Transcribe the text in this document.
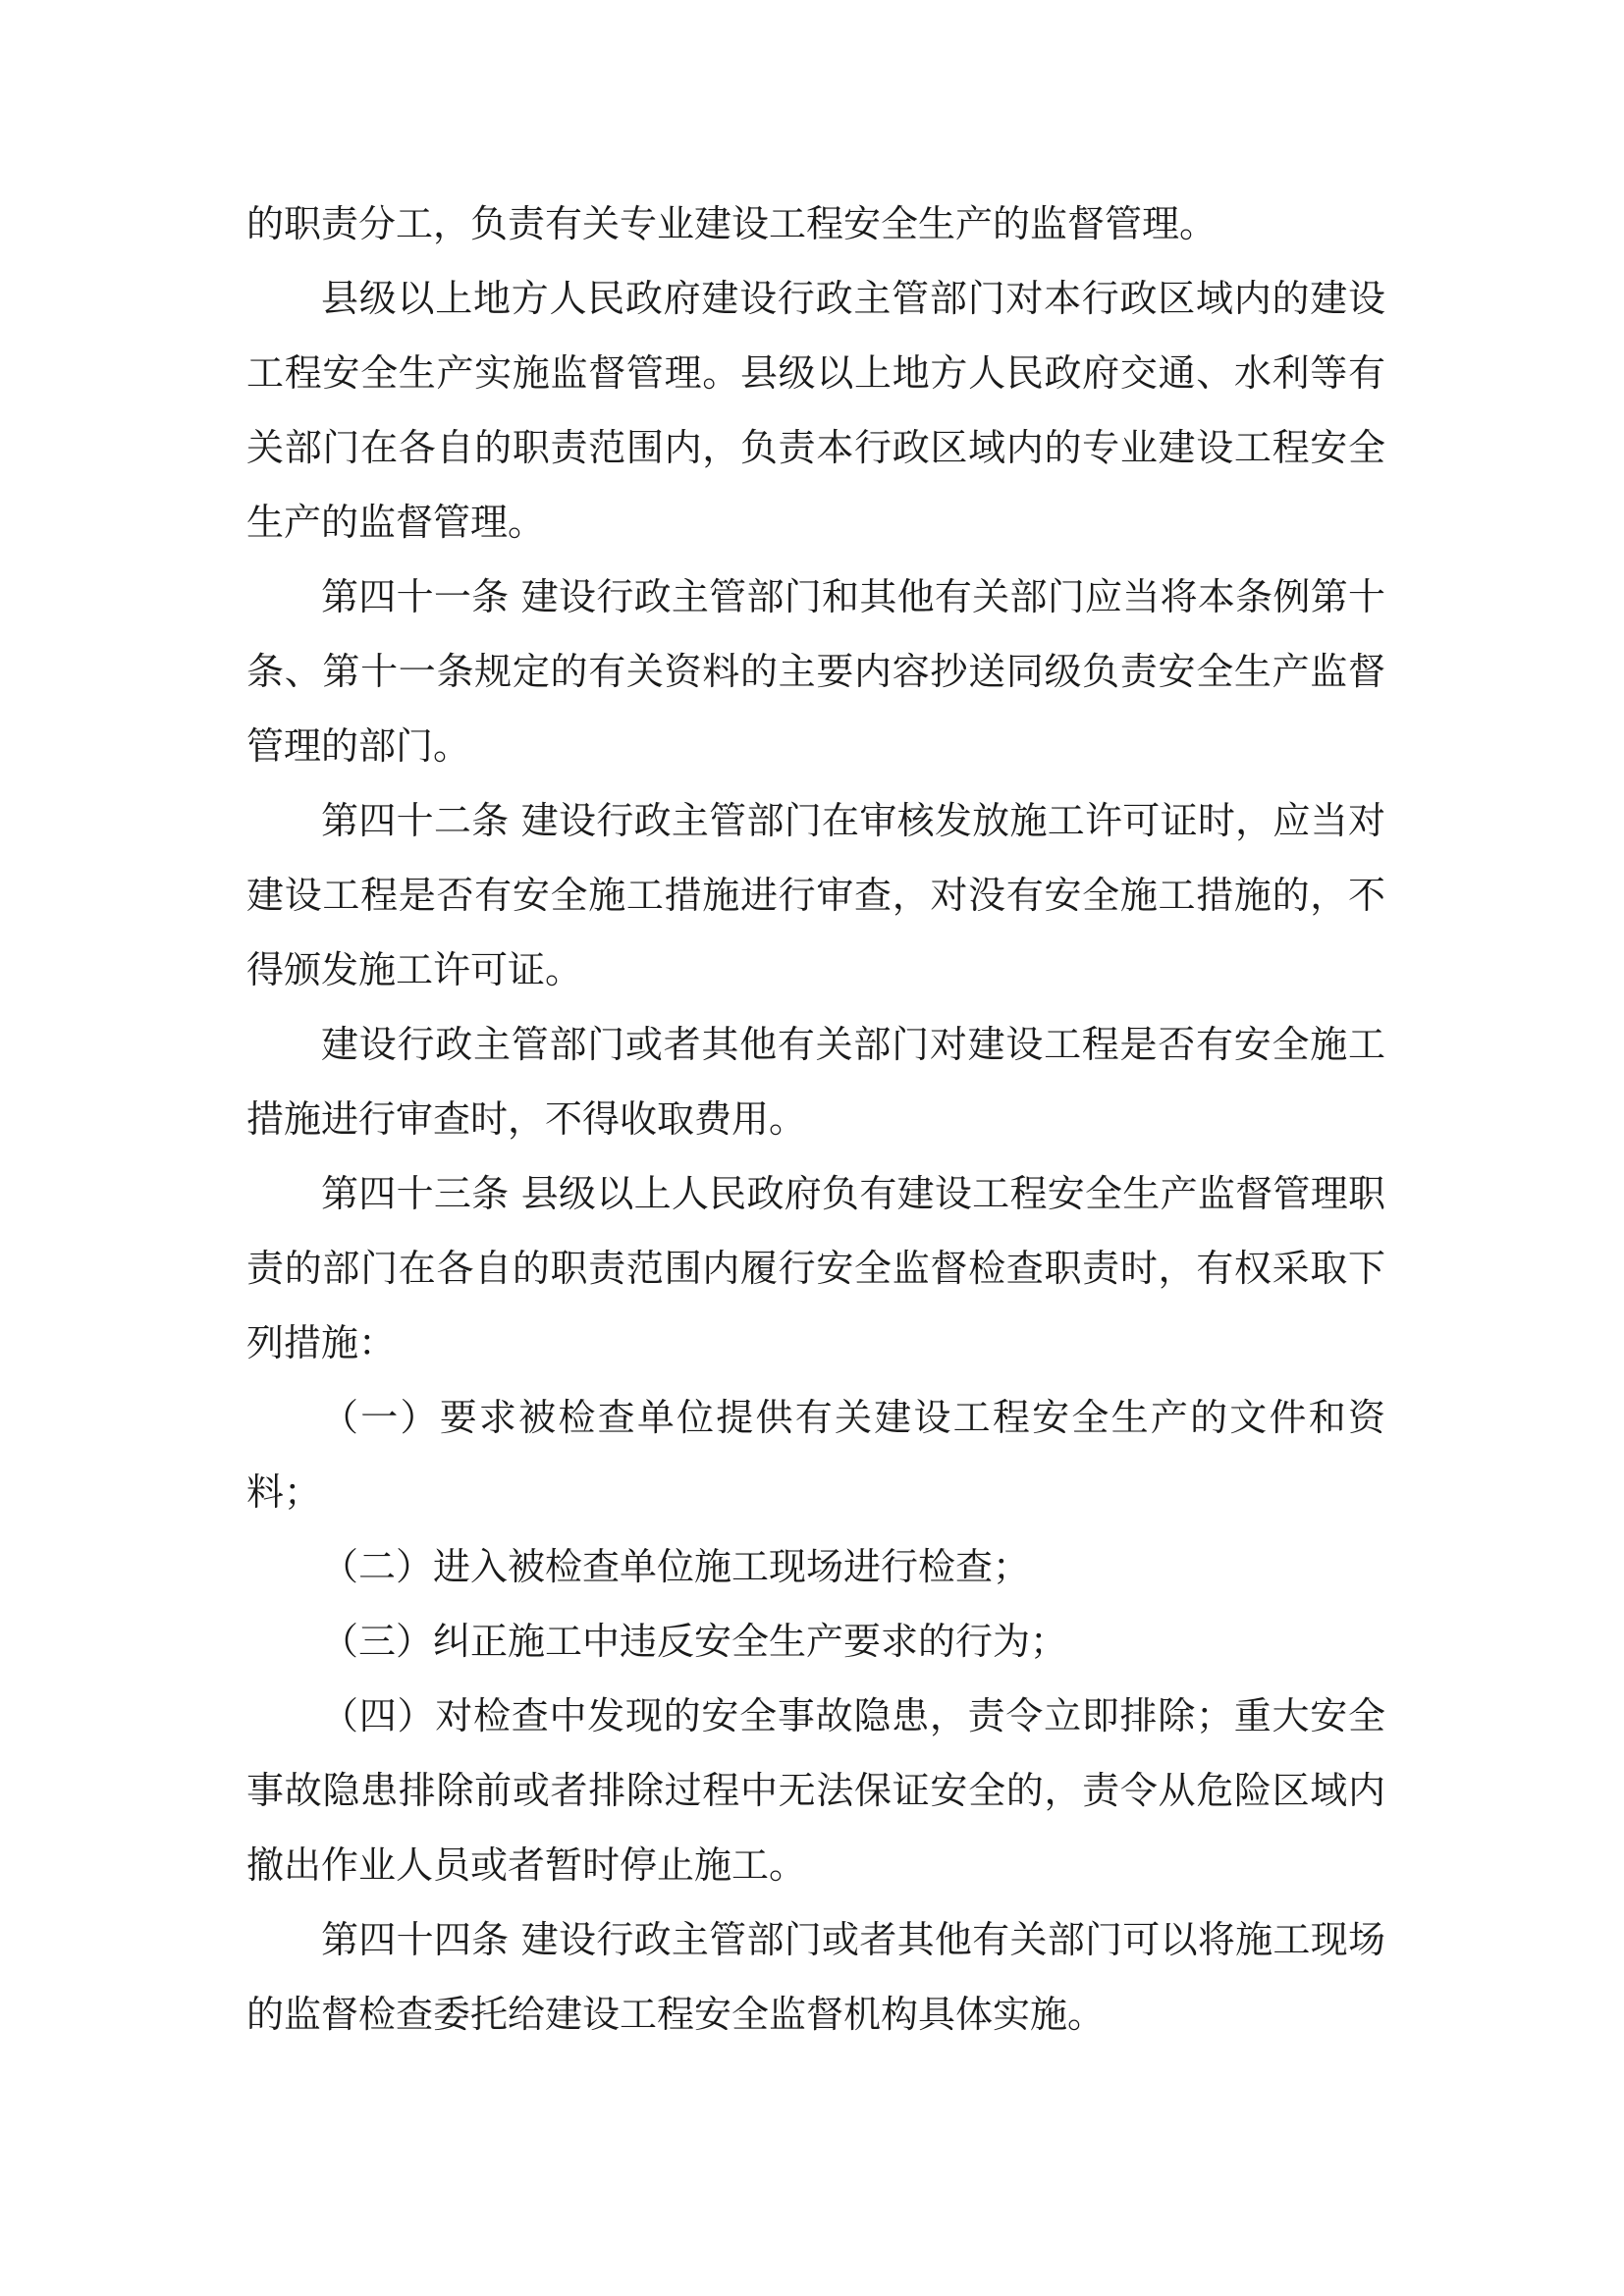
的职责分工，负责有关专业建设工程安全生产的监督管理。

县级以上地方人民政府建设行政主管部门对本行政区域内的建设工程安全生产实施监督管理。县级以上地方人民政府交通、水利等有关部门在各自的职责范围内，负责本行政区域内的专业建设工程安全生产的监督管理。

第四十一条 建设行政主管部门和其他有关部门应当将本条例第十条、第十一条规定的有关资料的主要内容抄送同级负责安全生产监督管理的部门。

第四十二条 建设行政主管部门在审核发放施工许可证时，应当对建设工程是否有安全施工措施进行审查，对没有安全施工措施的，不得颁发施工许可证。

建设行政主管部门或者其他有关部门对建设工程是否有安全施工措施进行审查时，不得收取费用。

第四十三条 县级以上人民政府负有建设工程安全生产监督管理职责的部门在各自的职责范围内履行安全监督检查职责时，有权采取下列措施：

（一）要求被检查单位提供有关建设工程安全生产的文件和资料；

（二）进入被检查单位施工现场进行检查；

（三）纠正施工中违反安全生产要求的行为；

（四）对检查中发现的安全事故隐患，责令立即排除；重大安全事故隐患排除前或者排除过程中无法保证安全的，责令从危险区域内撤出作业人员或者暂时停止施工。

第四十四条 建设行政主管部门或者其他有关部门可以将施工现场的监督检查委托给建设工程安全监督机构具体实施。
